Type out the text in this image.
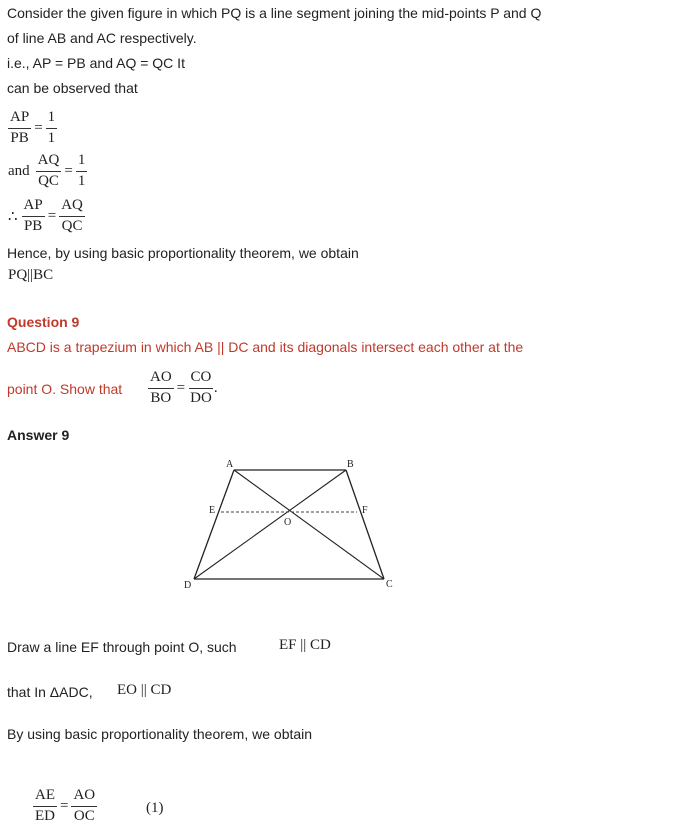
Consider the given figure in which PQ is a line segment joining the mid-points P and Q
of line AB and AC respectively.
i.e., AP = PB and AQ = QC It
can be observed that
$\frac{AP}{PB} = \frac{1}{1}$
and $\frac{AQ}{QC} = \frac{1}{1}$
∴ $\frac{AP}{PB} = \frac{AQ}{QC}$
Hence, by using basic proportionality theorem, we obtain
PQ||BC
Question 9
ABCD is a trapezium in which AB || DC and its diagonals intersect each other at the
point O. Show that $\frac{AO}{BO} = \frac{CO}{DO}$ .
Answer 9
A	B
C
D
E	F
O
Draw a line EF through point O, such	EF || CD
that In ΔADC, EO || CD
By using basic proportionality theorem, we obtain
$\frac{AE}{ED} = \frac{AO}{OC}$	(1)
